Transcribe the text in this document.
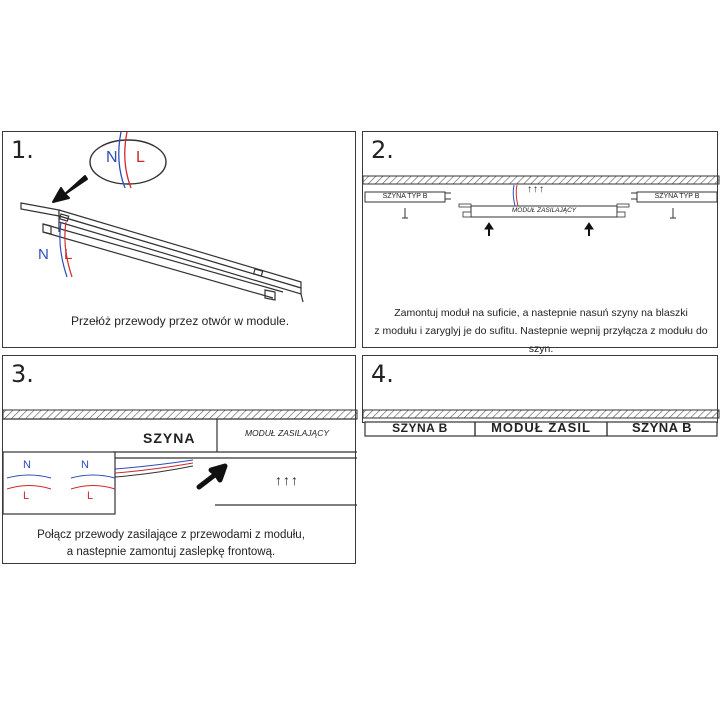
1.	N L
N L
Przełóż przewody przez otwór w module.
2.
SZYNA TYP B	SZYNA TYP B
MODUŁ ZASILAJĄCY
↑↑↑
Zamontuj moduł na suficie, a nastepnie nasuń szyny na blaszki
z modułu i zaryglyj je do sufitu. Nastepnie wepnij przyłącza z modułu do szyn.
3.
SZYNA	MODUŁ ZASILAJĄCY
↑↑↑
N
L
N
L
Połącz przewody zasilające z przewodami z modułu,
a nastepnie zamontuj zaslepkę frontową.
4.
SZYNA B	MODUŁ ZASIL	SZYNA B
